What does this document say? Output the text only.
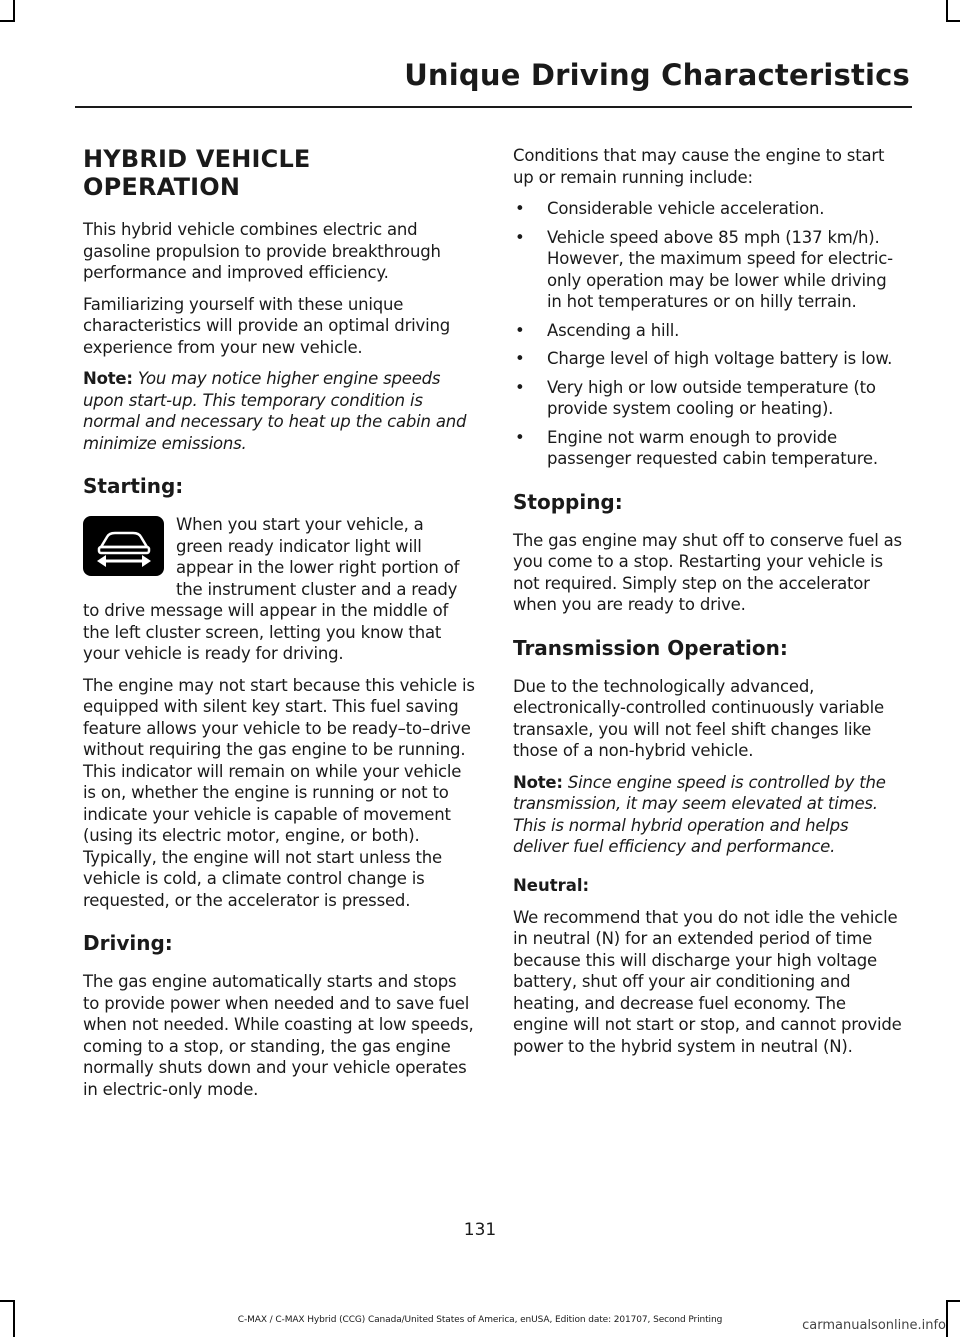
Unique Driving Characteristics
HYBRID VEHICLE OPERATION

This hybrid vehicle combines electric and gasoline propulsion to provide breakthrough performance and improved efficiency.

Familiarizing yourself with these unique characteristics will provide an optimal driving experience from your new vehicle.

Note: You may notice higher engine speeds upon start-up. This temporary condition is normal and necessary to heat up the cabin and minimize emissions.

Starting:

When you start your vehicle, a green ready indicator light will appear in the lower right portion of the instrument cluster and a ready to drive message will appear in the middle of the left cluster screen, letting you know that your vehicle is ready for driving.

The engine may not start because this vehicle is equipped with silent key start. This fuel saving feature allows your vehicle to be ready–to–drive without requiring the gas engine to be running. This indicator will remain on while your vehicle is on, whether the engine is running or not to indicate your vehicle is capable of movement (using its electric motor, engine, or both). Typically, the engine will not start unless the vehicle is cold, a climate control change is requested, or the accelerator is pressed.

Driving:

The gas engine automatically starts and stops to provide power when needed and to save fuel when not needed. While coasting at low speeds, coming to a stop, or standing, the gas engine normally shuts down and your vehicle operates in electric-only mode.

Conditions that may cause the engine to start up or remain running include:

• Considerable vehicle acceleration.
• Vehicle speed above 85 mph (137 km/h). However, the maximum speed for electric-only operation may be lower while driving in hot temperatures or on hilly terrain.
• Ascending a hill.
• Charge level of high voltage battery is low.
• Very high or low outside temperature (to provide system cooling or heating).
• Engine not warm enough to provide passenger requested cabin temperature.
Stopping:

The gas engine may shut off to conserve fuel as you come to a stop. Restarting your vehicle is not required. Simply step on the accelerator when you are ready to drive.

Transmission Operation:

Due to the technologically advanced, electronically-controlled continuously variable transaxle, you will not feel shift changes like those of a non-hybrid vehicle.

Note: Since engine speed is controlled by the transmission, it may seem elevated at times. This is normal hybrid operation and helps deliver fuel efficiency and performance.

Neutral:

We recommend that you do not idle the vehicle in neutral (N) for an extended period of time because this will discharge your high voltage battery, shut off your air conditioning and heating, and decrease fuel economy. The engine will not start or stop, and cannot provide power to the hybrid system in neutral (N).

131
C-MAX / C-MAX Hybrid (CCG) Canada/United States of America, enUSA, Edition date: 201707, Second Printing	carmanualsonline.info
